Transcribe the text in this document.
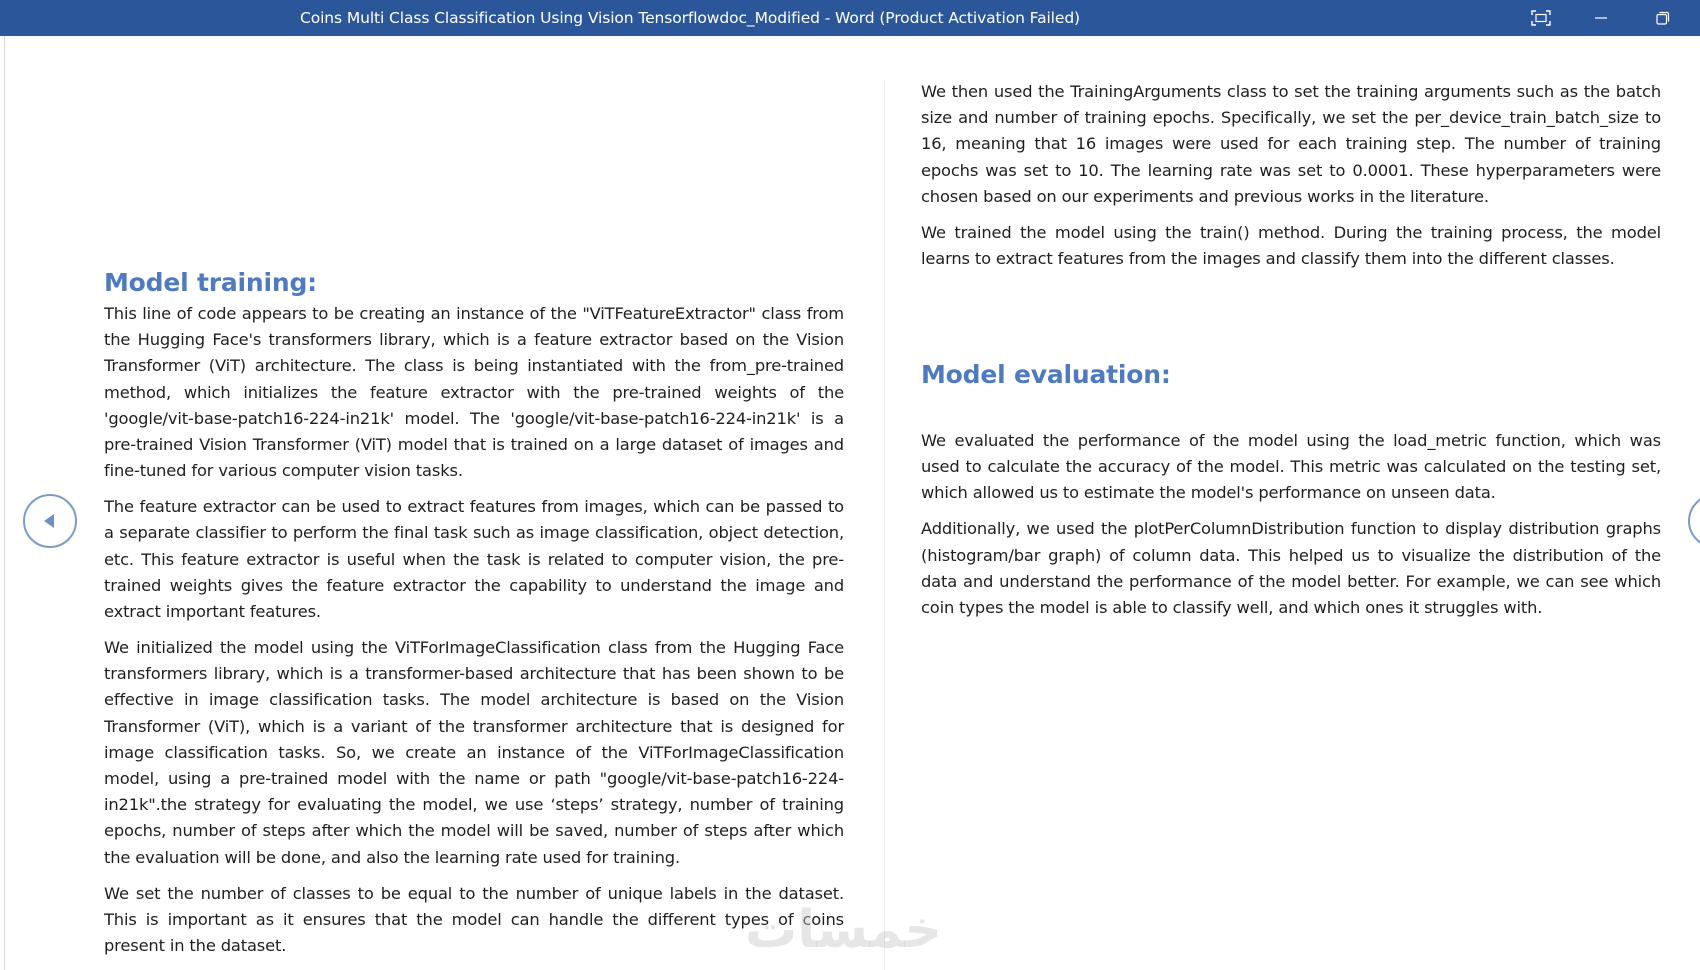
Coins Multi Class Classification Using Vision Tensorflowdoc_Modified - Word (Product Activation Failed)
Model training:

This line of code appears to be creating an instance of the "ViTFeatureExtractor" class from the Hugging Face's transformers library, which is a feature extractor based on the Vision Transformer (ViT) architecture. The class is being instantiated with the from_pre-trained method, which initializes the feature extractor with the pre-trained weights of the 'google/vit-base-patch16-224-in21k' model. The 'google/vit-base-patch16-224-in21k' is a pre-trained Vision Transformer (ViT) model that is trained on a large dataset of images and fine-tuned for various computer vision tasks.

The feature extractor can be used to extract features from images, which can be passed to a separate classifier to perform the final task such as image classification, object detection, etc. This feature extractor is useful when the task is related to computer vision, the pre-trained weights gives the feature extractor the capability to understand the image and extract important features.

We initialized the model using the ViTForImageClassification class from the Hugging Face transformers library, which is a transformer-based architecture that has been shown to be effective in image classification tasks. The model architecture is based on the Vision Transformer (ViT), which is a variant of the transformer architecture that is designed for image classification tasks. So, we create an instance of the ViTForImageClassification model, using a pre-trained model with the name or path "google/vit-base-patch16-224-in21k".the strategy for evaluating the model, we use ‘steps’ strategy, number of training epochs, number of steps after which the model will be saved, number of steps after which the evaluation will be done, and also the learning rate used for training.

We set the number of classes to be equal to the number of unique labels in the dataset. This is important as it ensures that the model can handle the different types of coins present in the dataset.

We then used the TrainingArguments class to set the training arguments such as the batch size and number of training epochs. Specifically, we set the per_device_train_batch_size to 16, meaning that 16 images were used for each training step. The number of training epochs was set to 10. The learning rate was set to 0.0001. These hyperparameters were chosen based on our experiments and previous works in the literature.

We trained the model using the train() method. During the training process, the model learns to extract features from the images and classify them into the different classes.

Model evaluation:

We evaluated the performance of the model using the load_metric function, which was used to calculate the accuracy of the model. This metric was calculated on the testing set, which allowed us to estimate the model's performance on unseen data.

Additionally, we used the plotPerColumnDistribution function to display distribution graphs (histogram/bar graph) of column data. This helped us to visualize the distribution of the data and understand the performance of the model better. For example, we can see which coin types the model is able to classify well, and which ones it struggles with.

خمسات
